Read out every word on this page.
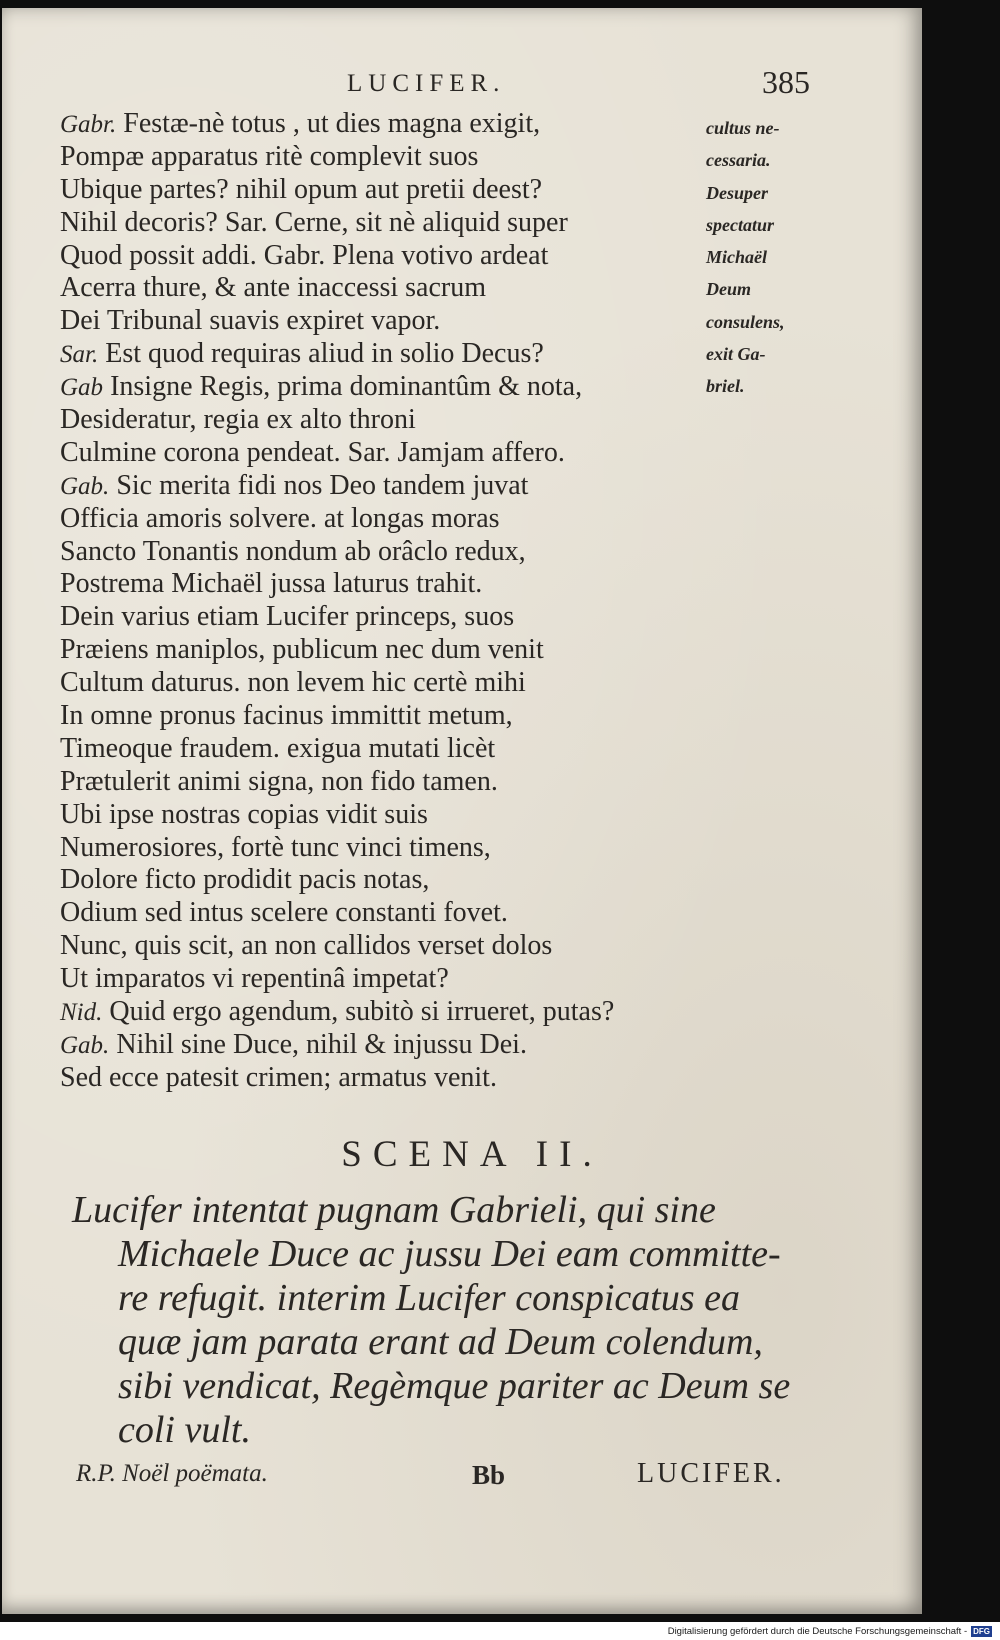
LUCIFER.	385
Gabr. Festæ-nè totus , ut dies magna exigit,
Pompæ apparatus ritè complevit suos
Ubique partes? nihil opum aut pretii deest?
Nihil decoris? Sar. Cerne, sit nè aliquid super
Quod possit addi. Gabr. Plena votivo ardeat
Acerra thure, & ante inaccessi sacrum
Dei Tribunal suavis expiret vapor.
Sar. Est quod requiras aliud in solio Decus?
Gab Insigne Regis, prima dominantûm & nota,
Desideratur, regia ex alto throni
Culmine corona pendeat. Sar. Jamjam affero.
Gab. Sic merita fidi nos Deo tandem juvat
Officia amoris solvere. at longas moras
Sancto Tonantis nondum ab orâclo redux,
Postrema Michaël jussa laturus trahit.
Dein varius etiam Lucifer princeps, suos
Præiens maniplos, publicum nec dum venit
Cultum daturus. non levem hic certè mihi
In omne pronus facinus immittit metum,
Timeoque fraudem. exigua mutati licèt
Prætulerit animi signa, non fido tamen.
Ubi ipse nostras copias vidit suis
Numerosiores, fortè tunc vinci timens,
Dolore ficto prodidit pacis notas,
Odium sed intus scelere constanti fovet.
Nunc, quis scit, an non callidos verset dolos
Ut imparatos vi repentinâ impetat?
Nid. Quid ergo agendum, subitò si irrueret, putas?
Gab. Nihil sine Duce, nihil & injussu Dei.
Sed ecce patesit crimen; armatus venit.
cultus ne-
cessaria.
Desuper
spectatur
Michaël
Deum
consulens,
exit Ga-
briel.
SCENA II.
Lucifer intentat pugnam Gabrieli, qui sine
Michaele Duce ac jussu Dei eam committe-
re refugit. interim Lucifer conspicatus ea
quæ jam parata erant ad Deum colendum,
sibi vendicat, Regèmque pariter ac Deum se
coli vult.
R.P. Noël poëmata.	Bb	LUCIFER.
Digitalisierung gefördert durch die Deutsche Forschungsgemeinschaft - DFG
